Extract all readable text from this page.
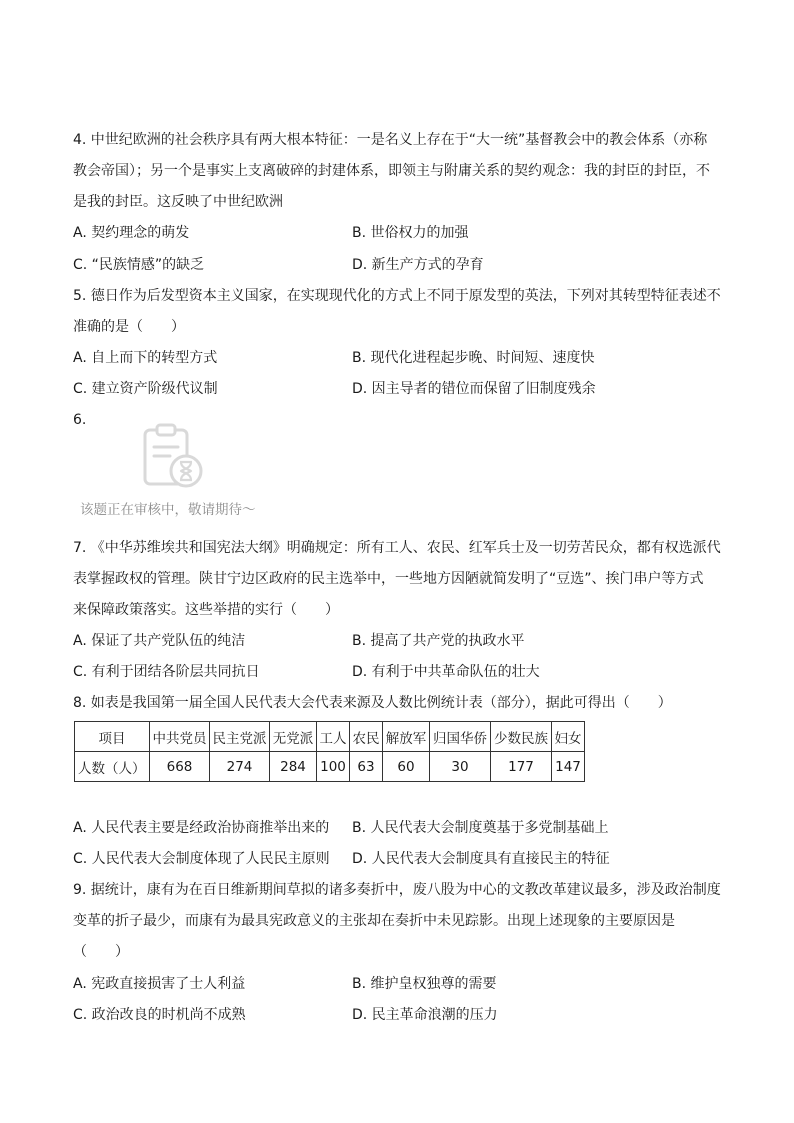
4. 中世纪欧洲的社会秩序具有两大根本特征：一是名义上存在于“大一统”基督教会中的教会体系（亦称
教会帝国）；另一个是事实上支离破碎的封建体系，即领主与附庸关系的契约观念：我的封臣的封臣，不
是我的封臣。这反映了中世纪欧洲
A. 契约理念的萌发	B. 世俗权力的加强
C. “民族情感”的缺乏	D. 新生产方式的孕育
5. 德日作为后发型资本主义国家，在实现现代化的方式上不同于原发型的英法，下列对其转型特征表述不
准确的是（　　）
A. 自上而下的转型方式	B. 现代化进程起步晚、时间短、速度快
C. 建立资产阶级代议制	D. 因主导者的错位而保留了旧制度残余
6.
该题正在审核中，敬请期待～
7. 《中华苏维埃共和国宪法大纲》明确规定：所有工人、农民、红军兵士及一切劳苦民众，都有权选派代
表掌握政权的管理。陕甘宁边区政府的民主选举中，一些地方因陋就简发明了“豆选”、挨门串户等方式
来保障政策落实。这些举措的实行（　　）
A. 保证了共产党队伍的纯洁	B. 提高了共产党的执政水平
C. 有利于团结各阶层共同抗日	D. 有利于中共革命队伍的壮大
8. 如表是我国第一届全国人民代表大会代表来源及人数比例统计表（部分），据此可得出（　　）
项目	中共党员	民主党派	无党派	工人	农民	解放军	归国华侨	少数民族	妇女
人数（人）	668	274	284	100	63	60	30	177	147
A. 人民代表主要是经政治协商推举出来的 B. 人民代表大会制度奠基于多党制基础上
C. 人民代表大会制度体现了人民民主原则 D. 人民代表大会制度具有直接民主的特征
9. 据统计，康有为在百日维新期间草拟的诸多奏折中，废八股为中心的文教改革建议最多，涉及政治制度
变革的折子最少，而康有为最具宪政意义的主张却在奏折中未见踪影。出现上述现象的主要原因是
（　　）
A. 宪政直接损害了士人利益	B. 维护皇权独尊的需要
C. 政治改良的时机尚不成熟	D. 民主革命浪潮的压力
